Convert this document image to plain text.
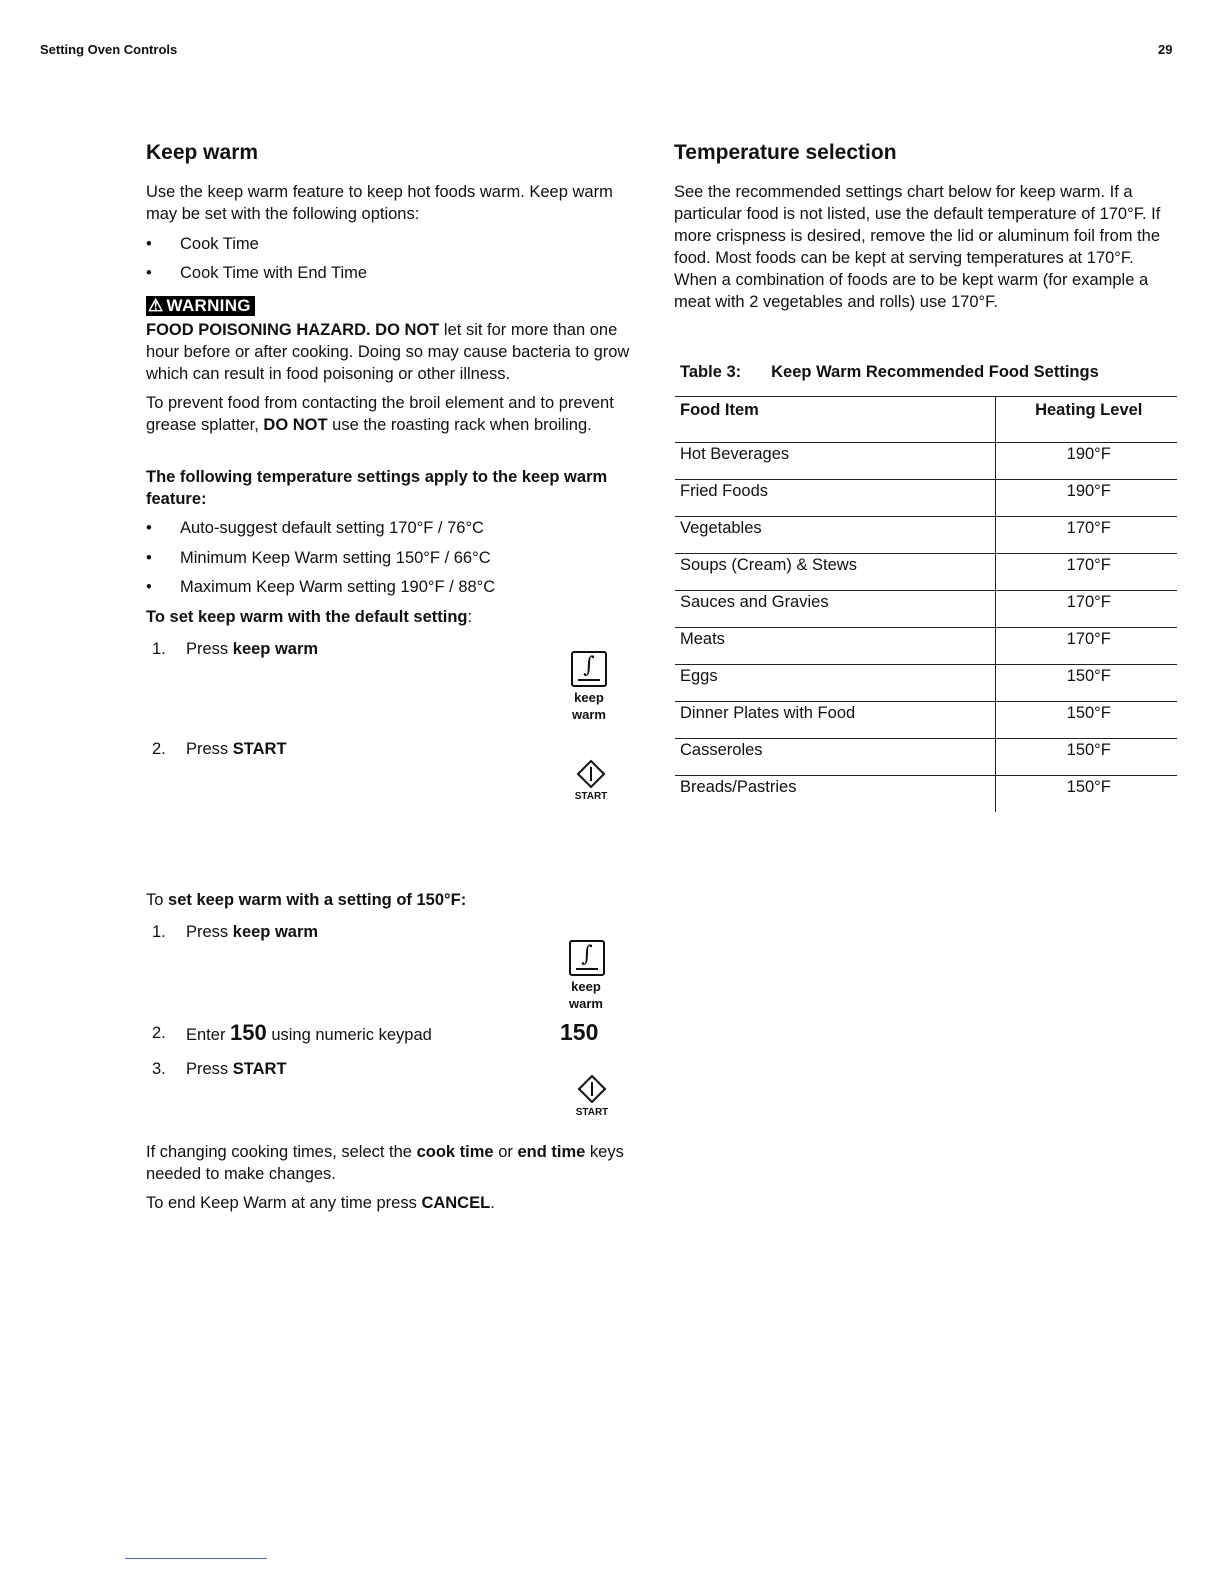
Setting Oven Controls	29
Keep warm

Use the keep warm feature to keep hot foods warm. Keep warm may be set with the following options:

Cook Time
Cook Time with End Time
⚠ WARNING

FOOD POISONING HAZARD. DO NOT let sit for more than one hour before or after cooking. Doing so may cause bacteria to grow which can result in food poisoning or other illness.

To prevent food from contacting the broil element and to prevent grease splatter, DO NOT use the roasting rack when broiling.

The following temperature settings apply to the keep warm feature:

Auto-suggest default setting 170°F / 76°C
Minimum Keep Warm setting 150°F / 66°C
Maximum Keep Warm setting 190°F / 88°C

To set keep warm with the default setting:

1. Press keep warm
∫
keep
warm
2. Press START
START

To set keep warm with a setting of 150°F:

1. Press keep warm
∫
keep
warm
2. Enter 150 using numeric keypad	150
3. Press START
START

If changing cooking times, select the cook time or end time keys needed to make changes.

To end Keep Warm at any time press CANCEL.

Temperature selection

See the recommended settings chart below for keep warm. If a particular food is not listed, use the default temperature of 170°F. If more crispness is desired, remove the lid or aluminum foil from the food. Most foods can be kept at serving temperatures at 170°F. When a combination of foods are to be kept warm (for example a meat with 2 vegetables and rolls) use 170°F.

Table 3: Keep Warm Recommended Food Settings
Food Item	Heating Level
Hot Beverages	190°F
Fried Foods	190°F
Vegetables	170°F
Soups (Cream) & Stews	170°F
Sauces and Gravies	170°F
Meats	170°F
Eggs	150°F
Dinner Plates with Food	150°F
Casseroles	150°F
Breads/Pastries	150°F
